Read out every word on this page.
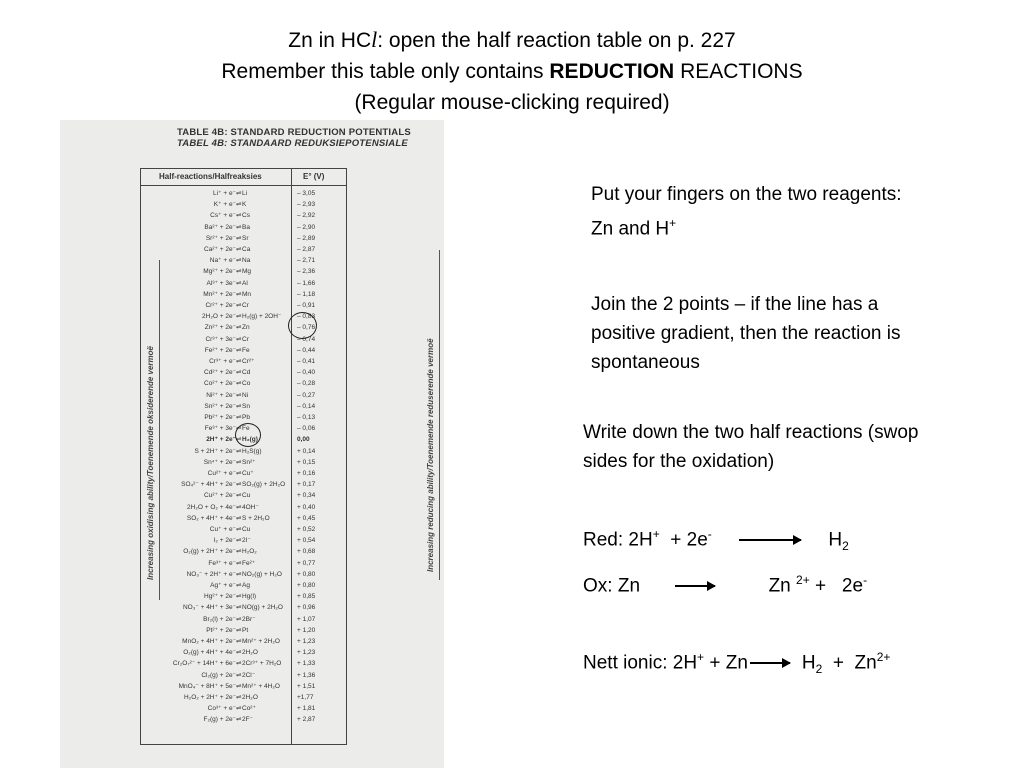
Zn in HCl: open the half reaction table on p. 227
Remember this table only contains REDUCTION REACTIONS
(Regular mouse-clicking required)
TABLE 4B: STANDARD REDUCTION POTENTIALS
TABEL 4B: STANDAARD REDUKSIEPOTENSIALE
Increasing oxidising ability/Toenemende oksiderende vermoë	Increasing reducing ability/Toenemende reduserende vermoë
Half-reactions/Halfreaksies	E° (V)
Li⁺ + e⁻ ⇌ Li	– 3,05
K⁺ + e⁻ ⇌ K	– 2,93
Cs⁺ + e⁻ ⇌ Cs	– 2,92
Ba²⁺ + 2e⁻ ⇌ Ba	– 2,90
Sr²⁺ + 2e⁻ ⇌ Sr	– 2,89
Ca²⁺ + 2e⁻ ⇌ Ca	– 2,87
Na⁺ + e⁻ ⇌ Na	– 2,71
Mg²⁺ + 2e⁻ ⇌ Mg	– 2,36
Al³⁺ + 3e⁻ ⇌ Al	– 1,66
Mn²⁺ + 2e⁻ ⇌ Mn	– 1,18
Cr²⁺ + 2e⁻ ⇌ Cr	– 0,91
2H₂O + 2e⁻ ⇌ H₂(g) + 2OH⁻ – 0,83
Zn²⁺ + 2e⁻ ⇌ Zn	– 0,76
Cr³⁺ + 3e⁻ ⇌ Cr	– 0,74
Fe²⁺ + 2e⁻ ⇌ Fe	– 0,44
Cr³⁺ + e⁻ ⇌ Cr²⁺	– 0,41
Cd²⁺ + 2e⁻ ⇌ Cd	– 0,40
Co²⁺ + 2e⁻ ⇌ Co	– 0,28
Ni²⁺ + 2e⁻ ⇌ Ni	– 0,27
Sn²⁺ + 2e⁻ ⇌ Sn	– 0,14
Pb²⁺ + 2e⁻ ⇌ Pb	– 0,13
Fe³⁺ + 3e⁻ ⇌ Fe	– 0,06
2H⁺ + 2e⁻ ⇌ H₂(g)	0,00
S + 2H⁺ + 2e⁻ ⇌ H₂S(g)	+ 0,14
Sn⁴⁺ + 2e⁻ ⇌ Sn²⁺	+ 0,15
Cu²⁺ + e⁻ ⇌ Cu⁺	+ 0,16
SO₄²⁻ + 4H⁺ + 2e⁻ ⇌ SO₂(g) + 2H₂O + 0,17
Cu²⁺ + 2e⁻ ⇌ Cu	+ 0,34
2H₂O + O₂ + 4e⁻ ⇌ 4OH⁻	+ 0,40
SO₂ + 4H⁺ + 4e⁻ ⇌ S + 2H₂O	+ 0,45
Cu⁺ + e⁻ ⇌ Cu	+ 0,52
I₂ + 2e⁻ ⇌ 2I⁻	+ 0,54
O₂(g) + 2H⁺ + 2e⁻ ⇌ H₂O₂	+ 0,68
Fe³⁺ + e⁻ ⇌ Fe²⁺	+ 0,77
NO₃⁻ + 2H⁺ + e⁻ ⇌ NO₂(g) + H₂O + 0,80
Ag⁺ + e⁻ ⇌ Ag	+ 0,80
Hg²⁺ + 2e⁻ ⇌ Hg(l)	+ 0,85
NO₃⁻ + 4H⁺ + 3e⁻ ⇌ NO(g) + 2H₂O + 0,96
Br₂(l) + 2e⁻ ⇌ 2Br⁻	+ 1,07
Pt²⁺ + 2e⁻ ⇌ Pt	+ 1,20
MnO₂ + 4H⁺ + 2e⁻ ⇌ Mn²⁺ + 2H₂O	+ 1,23
O₂(g) + 4H⁺ + 4e⁻ ⇌ 2H₂O	+ 1,23
Cr₂O₇²⁻ + 14H⁺ + 6e⁻ ⇌ 2Cr³⁺ + 7H₂O + 1,33
Cl₂(g) + 2e⁻ ⇌ 2Cl⁻	+ 1,36
MnO₄⁻ + 8H⁺ + 5e⁻ ⇌ Mn²⁺ + 4H₂O	+ 1,51
H₂O₂ + 2H⁺ + 2e⁻ ⇌ 2H₂O	+1,77
Co³⁺ + e⁻ ⇌ Co²⁺	+ 1,81
F₂(g) + 2e⁻ ⇌ 2F⁻	+ 2,87
Put your fingers on the two reagents: Zn and H+
Join the 2 points – if the line has a positive gradient, then the reaction is spontaneous
Write down the two half reactions (swop sides for the oxidation)
Red: $2H^+ + 2e^- \to H_2$
Ox: Zn	Zn $^{2+}$ +   2e-
Nett ionic: $2H^+ + Zn \to H_2 + Zn^{2+}$
